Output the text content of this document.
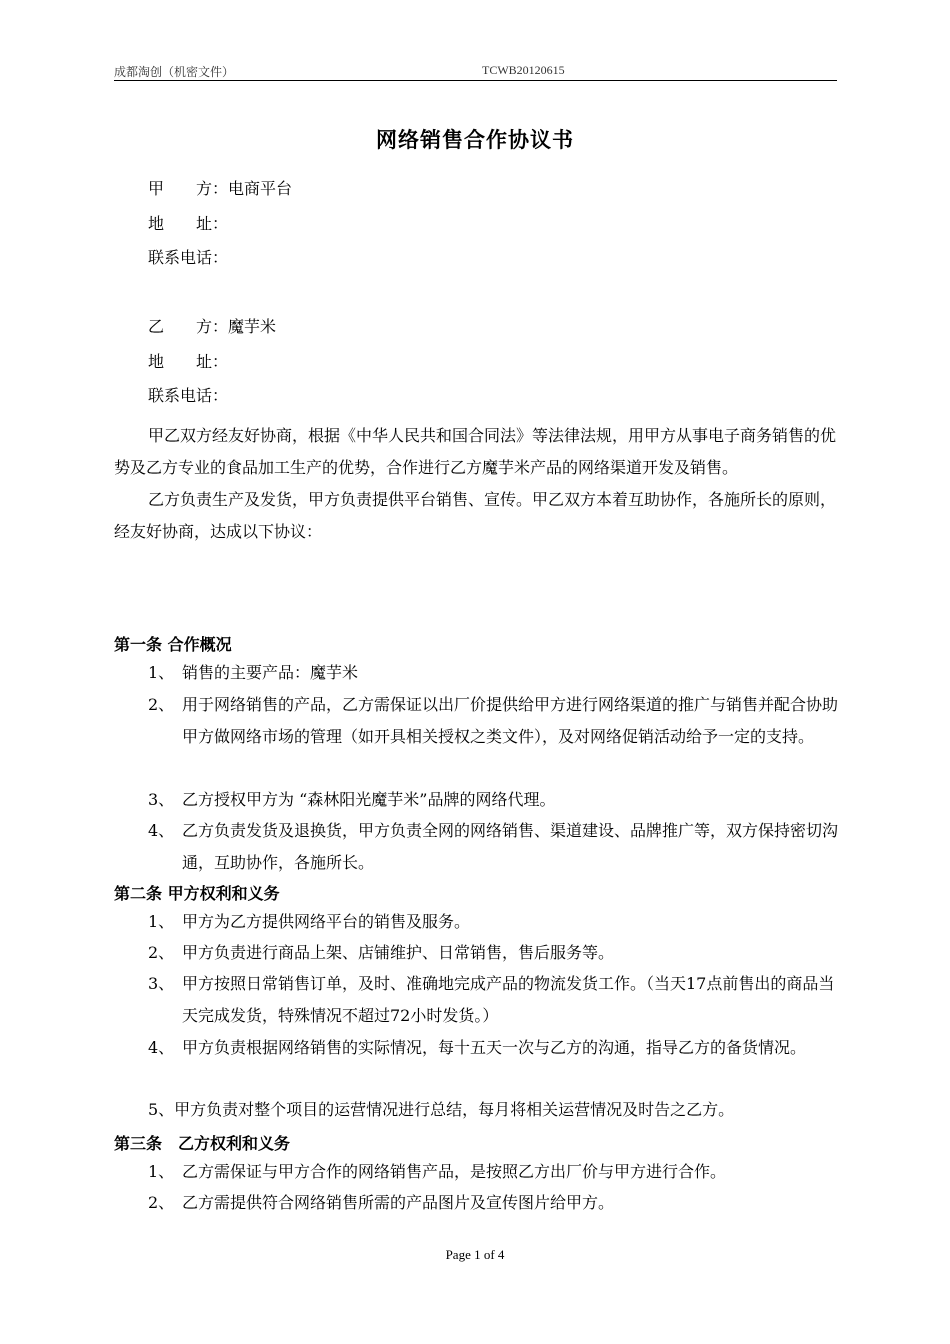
成都淘创（机密文件）	TCWB20120615
网络销售合作协议书
甲　　方：电商平台
地　　址：
联系电话：
乙　　方：魔芋米
地　　址：
联系电话：

甲乙双方经友好协商，根据《中华人民共和国合同法》等法律法规，用甲方从事电子商务销售的优势及乙方专业的食品加工生产的优势，合作进行乙方魔芋米产品的网络渠道开发及销售。

乙方负责生产及发货，甲方负责提供平台销售、宣传。甲乙双方本着互助协作，各施所长的原则，经友好协商，达成以下协议：

第一条 合作概况
1、 销售的主要产品：魔芋米
2、 用于网络销售的产品，乙方需保证以出厂价提供给甲方进行网络渠道的推广与销售并配合协助甲方做网络市场的管理（如开具相关授权之类文件），及对网络促销活动给予一定的支持。
3、 乙方授权甲方为 “森林阳光魔芋米”品牌的网络代理。
4、 乙方负责发货及退换货，甲方负责全网的网络销售、渠道建设、品牌推广等，双方保持密切沟通，互助协作，各施所长。
第二条 甲方权利和义务
1、 甲方为乙方提供网络平台的销售及服务。
2、 甲方负责进行商品上架、店铺维护、日常销售，售后服务等。
3、 甲方按照日常销售订单，及时、准确地完成产品的物流发货工作。（当天17点前售出的商品当天完成发货，特殊情况不超过72小时发货。）
4、 甲方负责根据网络销售的实际情况，每十五天一次与乙方的沟通，指导乙方的备货情况。
5、甲方负责对整个项目的运营情况进行总结，每月将相关运营情况及时告之乙方。
第三条　乙方权利和义务
1、 乙方需保证与甲方合作的网络销售产品，是按照乙方出厂价与甲方进行合作。
2、 乙方需提供符合网络销售所需的产品图片及宣传图片给甲方。
Page 1 of 4
